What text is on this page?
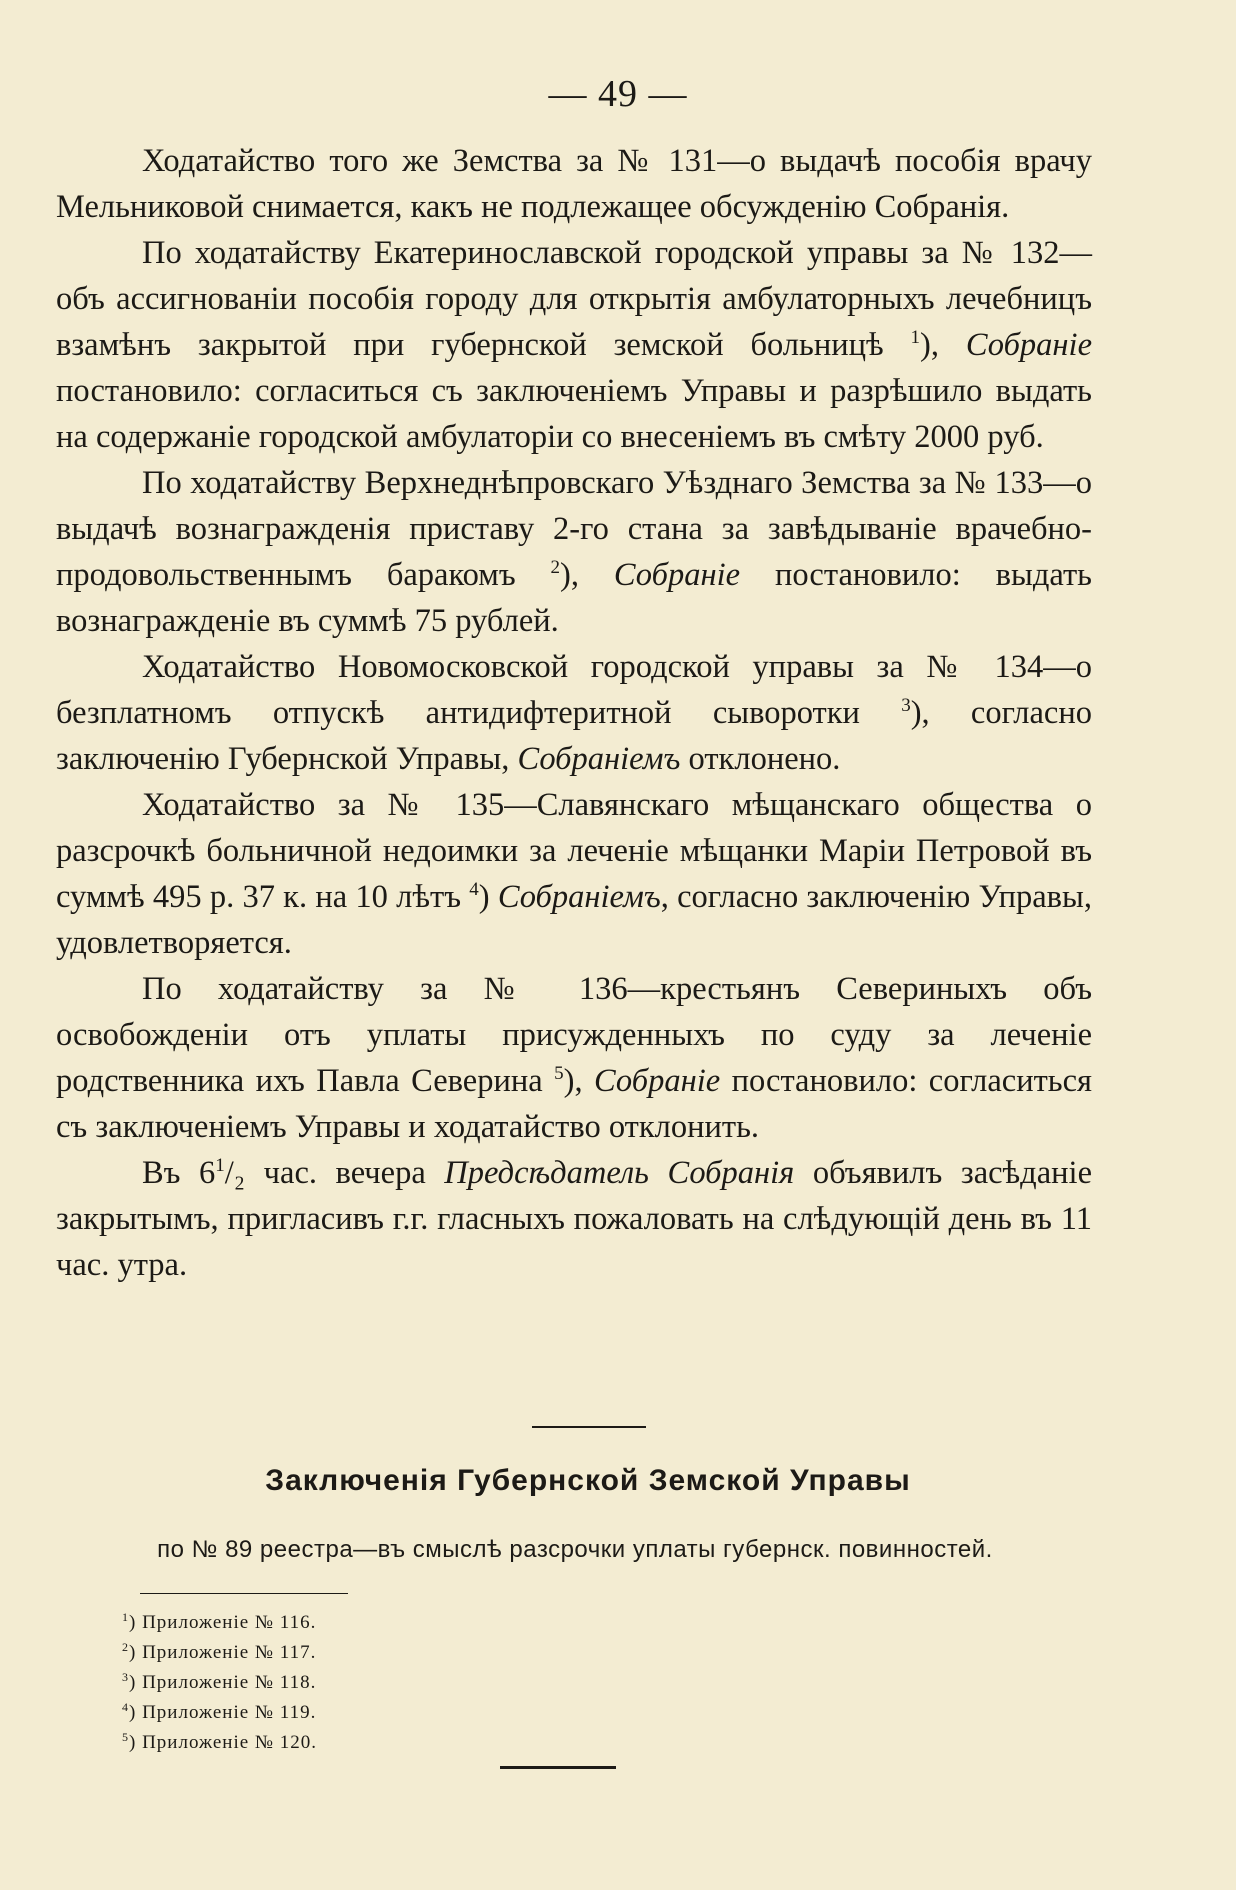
— 49 —

Ходатайство того же Земства за № 131—о выдачѣ пособія врачу Мельниковой снимается, какъ не подлежащее обсужденію Собранія.

По ходатайству Екатеринославской городской управы за № 132—объ ассигнованіи пособія городу для открытія амбулаторныхъ лечебницъ взамѣнъ закрытой при губернской земской больницѣ $^1$), Собраніе постановило: согласиться съ заключеніемъ Управы и разрѣшило выдать на содержаніе городской амбулаторіи со внесеніемъ въ смѣту 2000 руб.

По ходатайству Верхнеднѣпровскаго Уѣзднаго Земства за № 133—о выдачѣ вознагражденія приставу 2-го стана за завѣдываніе врачебно-продовольственнымъ баракомъ $^2$), Собраніе постановило: выдать вознагражденіе въ суммѣ 75 рублей.

Ходатайство Новомосковской городской управы за № 134—о безплатномъ отпускѣ антидифтеритной сыворотки $^3$), согласно заключенію Губернской Управы, Собраніемъ отклонено.

Ходатайство за № 135—Славянскаго мѣщанскаго общества о разсрочкѣ больничной недоимки за леченіе мѣщанки Маріи Петровой въ суммѣ 495 р. 37 к. на 10 лѣтъ $^4$) Собраніемъ, согласно заключенію Управы, удовлетворяется.

По ходатайству за № 136—крестьянъ Севериныхъ объ освобожденіи отъ уплаты присужденныхъ по суду за леченіе родственника ихъ Павла Северина $^5$), Собраніе постановило: согласиться съ заключеніемъ Управы и ходатайство отклонить.

Въ $6^1/_2$ час. вечера Предсѣдатель Собранія объявилъ засѣданіе закрытымъ, пригласивъ г.г. гласныхъ пожаловать на слѣдующій день въ 11 час. утра.

Заключенія Губернской Земской Управы
по № 89 реестра—въ смыслѣ разсрочки уплаты губернск. повинностей.
$^1$) Приложеніе № 116.
$^2$) Приложеніе № 117.
$^3$) Приложеніе № 118.
$^4$) Приложеніе № 119.
$^5$) Приложеніе № 120.
